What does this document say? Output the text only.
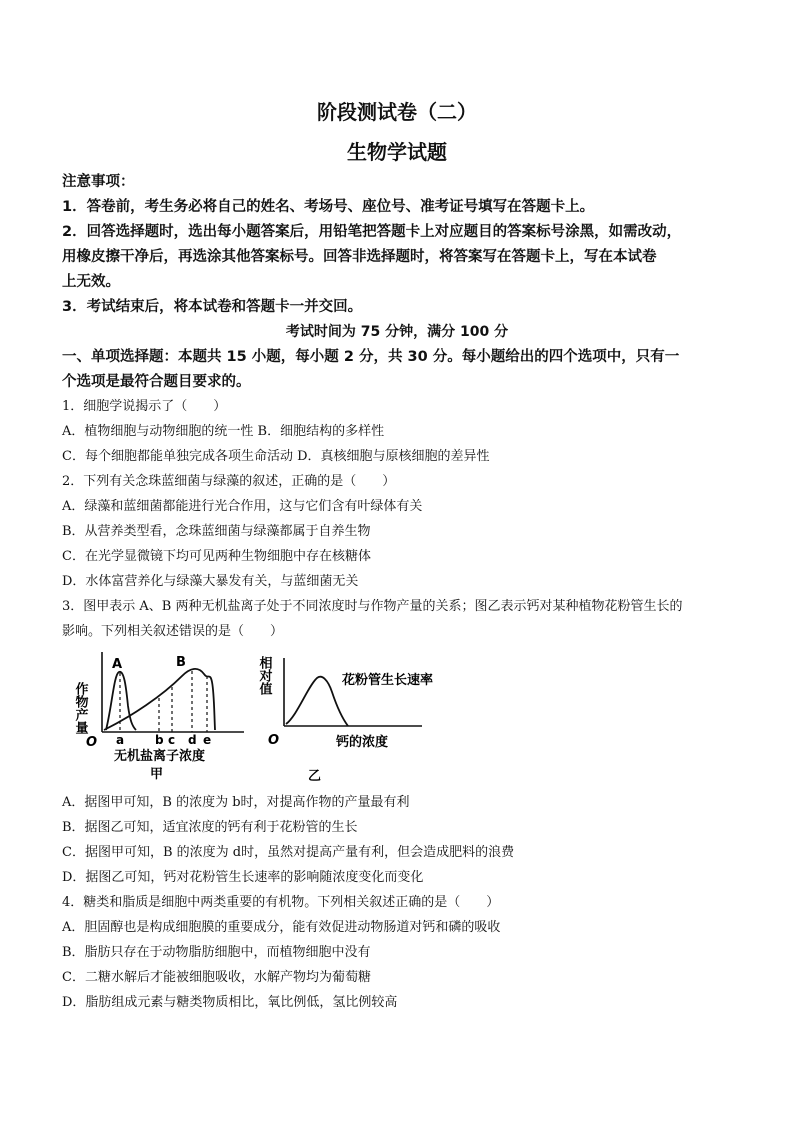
阶段测试卷（二）
生物学试题
注意事项：
1．答卷前，考生务必将自己的姓名、考场号、座位号、准考证号填写在答题卡上。
2．回答选择题时，选出每小题答案后，用铅笔把答题卡上对应题目的答案标号涂黑，如需改动，
用橡皮擦干净后，再选涂其他答案标号。回答非选择题时，将答案写在答题卡上，写在本试卷
上无效。
3．考试结束后，将本试卷和答题卡一并交回。
考试时间为 75 分钟，满分 100 分
一、单项选择题：本题共 15 小题，每小题 2 分，共 30 分。每小题给出的四个选项中，只有一
个选项是最符合题目要求的。
1．细胞学说揭示了（　　）
A．植物细胞与动物细胞的统一性 B．细胞结构的多样性
C．每个细胞都能单独完成各项生命活动 D．真核细胞与原核细胞的差异性
2．下列有关念珠蓝细菌与绿藻的叙述，正确的是（　　）
A．绿藻和蓝细菌都能进行光合作用，这与它们含有叶绿体有关
B．从营养类型看，念珠蓝细菌与绿藻都属于自养生物
C．在光学显微镜下均可见两种生物细胞中存在核糖体
D．水体富营养化与绿藻大暴发有关，与蓝细菌无关
3．图甲表示 A、B 两种无机盐离子处于不同浓度时与作物产量的关系；图乙表示钙对某种植物花粉管生长的
影响。下列相关叙述错误的是（　　）
作物产量
A	B
O a	b c d e
无机盐离子浓度
甲
相对值	花粉管生长速率
O	钙的浓度
乙
A．据图甲可知，B 的浓度为 b时，对提高作物的产量最有利
B．据图乙可知，适宜浓度的钙有利于花粉管的生长
C．据图甲可知，B 的浓度为 d时，虽然对提高产量有利，但会造成肥料的浪费
D．据图乙可知，钙对花粉管生长速率的影响随浓度变化而变化
4．糖类和脂质是细胞中两类重要的有机物。下列相关叙述正确的是（　　）
A．胆固醇也是构成细胞膜的重要成分，能有效促进动物肠道对钙和磷的吸收
B．脂肪只存在于动物脂肪细胞中，而植物细胞中没有
C．二糖水解后才能被细胞吸收，水解产物均为葡萄糖
D．脂肪组成元素与糖类物质相比，氧比例低，氢比例较高
